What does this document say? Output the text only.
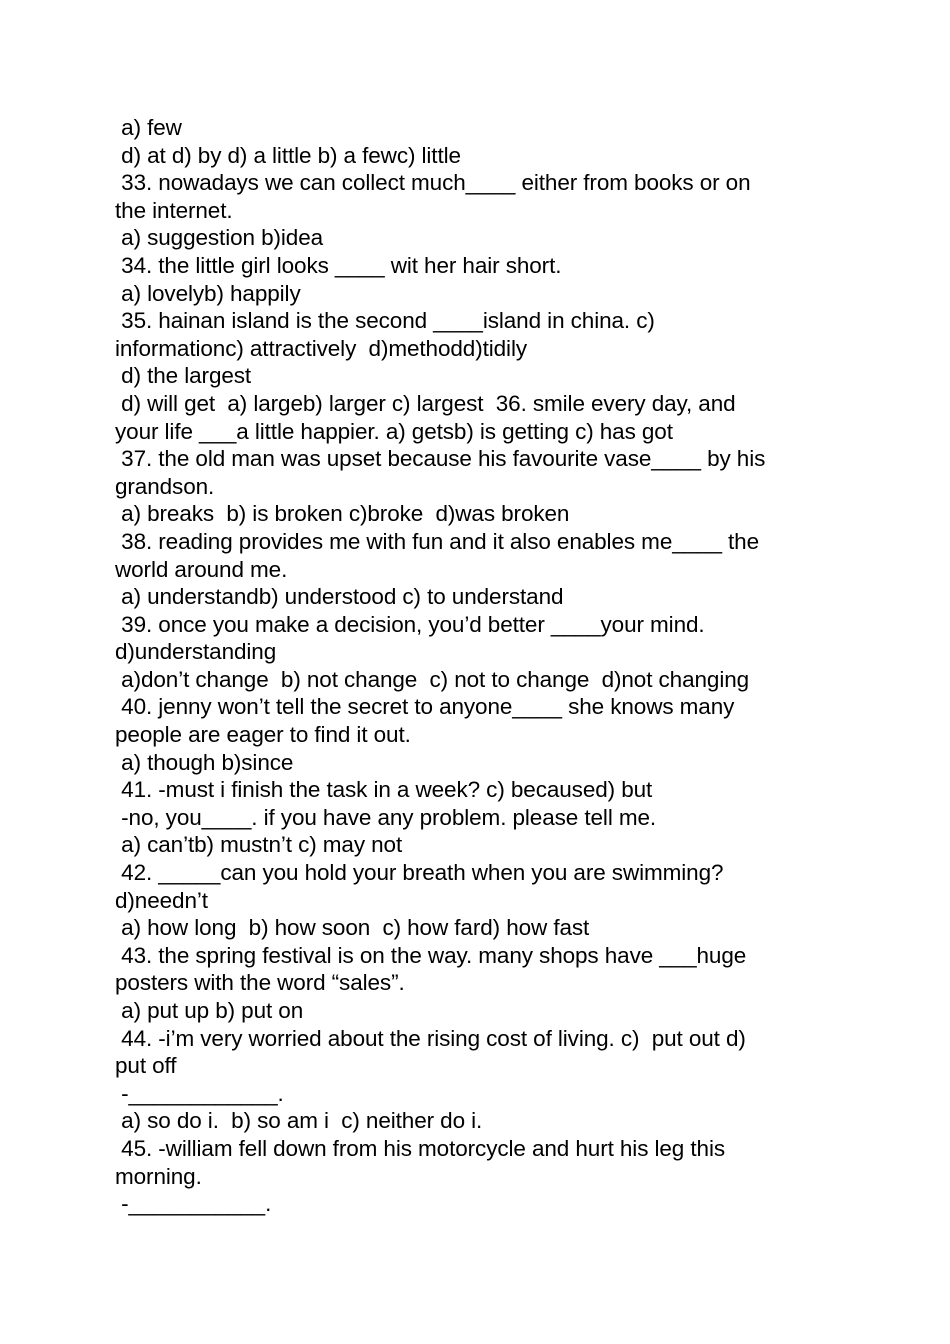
a) few
d) at d) by d) a little b) a fewc) little
33. nowadays we can collect much____ either from books or on
the internet.
a) suggestion b)idea
34. the little girl looks ____ wit her hair short.
a) lovelyb) happily
35. hainan island is the second ____island in china. c)
informationc) attractively  d)methodd)tidily
d) the largest
d) will get  a) largeb) larger c) largest  36. smile every day, and
your life ___a little happier. a) getsb) is getting c) has got
37. the old man was upset because his favourite vase____ by his
grandson.
a) breaks  b) is broken c)broke  d)was broken
38. reading provides me with fun and it also enables me____ the
world around me.
a) understandb) understood c) to understand
39. once you make a decision, you’d better ____your mind.
d)understanding
a)don’t change  b) not change  c) not to change  d)not changing
40. jenny won’t tell the secret to anyone____ she knows many
people are eager to find it out.
a) though b)since
41. -must i finish the task in a week? c) becaused) but
-no, you____. if you have any problem. please tell me.
a) can’tb) mustn’t c) may not
42. _____can you hold your breath when you are swimming?
d)needn’t
a) how long  b) how soon  c) how fard) how fast
43. the spring festival is on the way. many shops have ___huge
posters with the word “sales”.
a) put up b) put on
44. -i’m very worried about the rising cost of living. c)  put out d)
put off
-____________.
a) so do i.  b) so am i  c) neither do i.
45. -william fell down from his motorcycle and hurt his leg this
morning.
-___________.
